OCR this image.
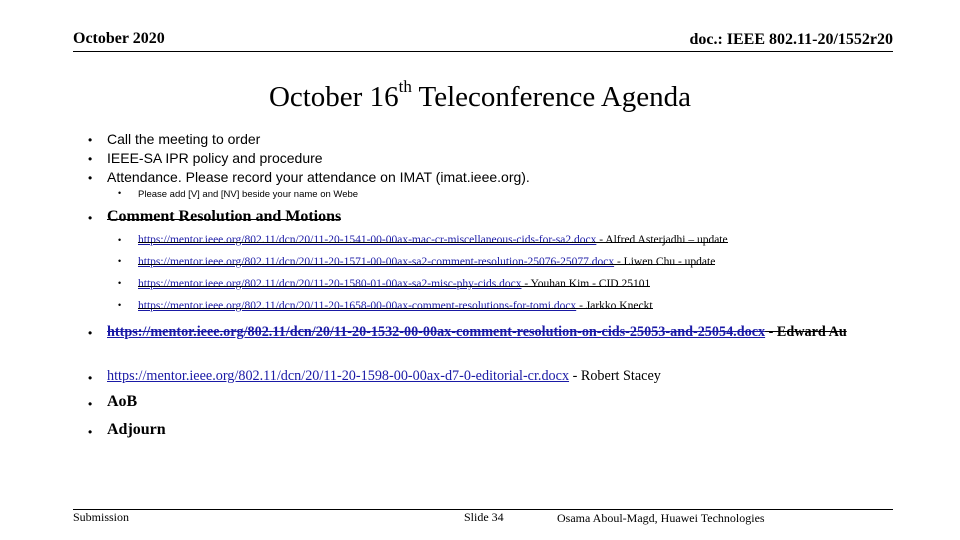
October 2020	doc.: IEEE 802.11-20/1552r20
October 16th Teleconference Agenda
• Call the meeting to order
• IEEE-SA IPR policy and procedure
• Attendance. Please record your attendance on IMAT (imat.ieee.org).
• Please add [V] and [NV] beside your name on Webe
• Comment Resolution and Motions
• https://mentor.ieee.org/802.11/dcn/20/11-20-1541-00-00ax-mac-cr-miscellaneous-cids-for-sa2.docx - Alfred Asterjadhi – update
• https://mentor.ieee.org/802.11/dcn/20/11-20-1571-00-00ax-sa2-comment-resolution-25076-25077.docx - Liwen Chu - update
• https://mentor.ieee.org/802.11/dcn/20/11-20-1580-01-00ax-sa2-misc-phy-cids.docx - Youhan Kim - CID 25101
• https://mentor.ieee.org/802.11/dcn/20/11-20-1658-00-00ax-comment-resolutions-for-tomi.docx - Jarkko Kneckt
• https://mentor.ieee.org/802.11/dcn/20/11-20-1532-00-00ax-comment-resolution-on-cids-25053-and-25054.docx - Edward Au
• https://mentor.ieee.org/802.11/dcn/20/11-20-1598-00-00ax-d7-0-editorial-cr.docx - Robert Stacey
• AoB
• Adjourn
Submission	Slide 34	Osama Aboul-Magd, Huawei Technologies
